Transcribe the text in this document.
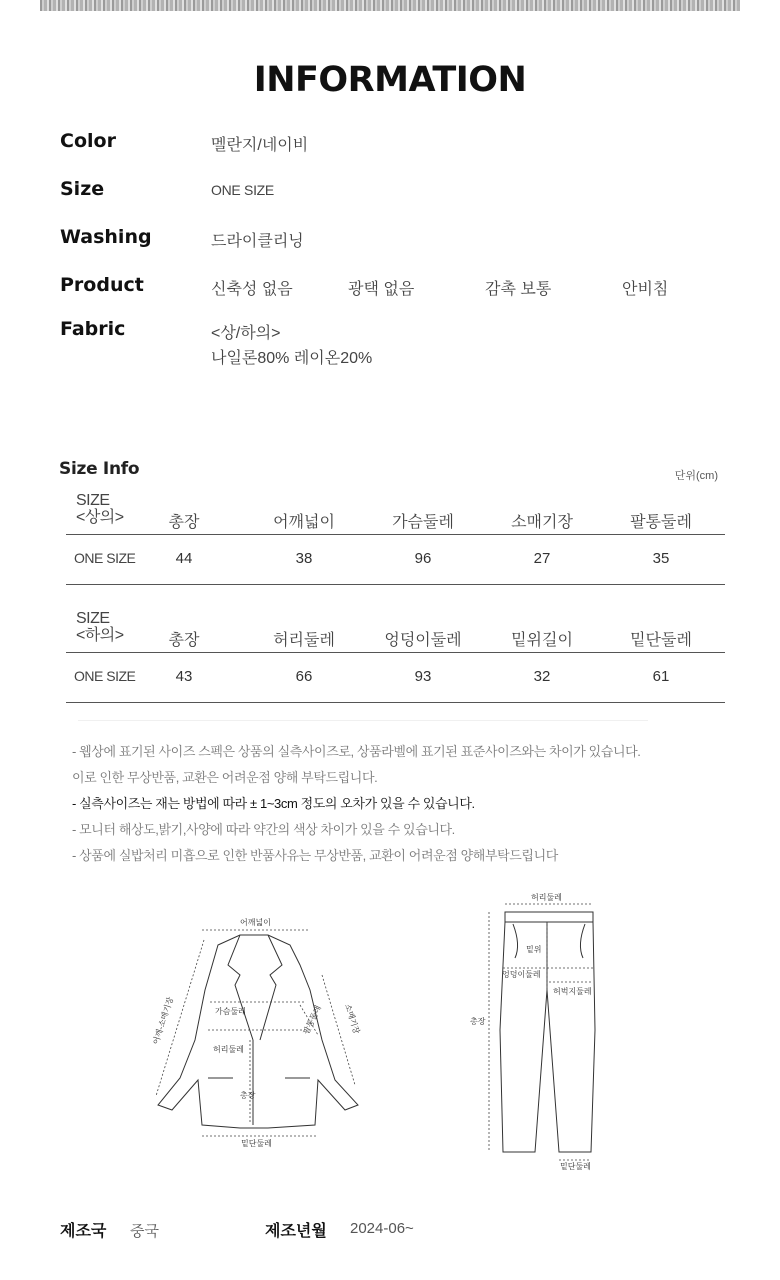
INFORMATION
Color	멜란지/네이비
Size	ONE SIZE
Washing	드라이클리닝
Product	신축성 없음	광택 없음	감촉 보통	안비침
Fabric	<상/하의>
나일론80% 레이온20%
Size Info	단위(cm)
SIZE
<상의>	총장	어깨넓이	가슴둘레	소매기장	팔통둘레
ONE SIZE	44	38	96	27	35
SIZE
<하의>	총장	허리둘레	엉덩이둘레	밑위길이	밑단둘레
ONE SIZE	43	66	93	32	61
- 웹상에 표기된 사이즈 스펙은 상품의 실측사이즈로, 상품라벨에 표기된 표준사이즈와는 차이가 있습니다.
이로 인한 무상반품, 교환은 어려운점 양해 부탁드립니다.
- 실측사이즈는 재는 방법에 따라 ± 1~3cm 정도의 오차가 있을 수 있습니다.
- 모니터 해상도,밝기,사양에 따라 약간의 색상 차이가 있을 수 있습니다.
- 상품에 실밥처리 미흡으로 인한 반품사유는 무상반품, 교환이 어려운점 양해부탁드립니다
어깨넓이
가슴둘레
허리둘레
총장
밑단둘레
어깨-소매기장	소매기장
팔통둘레
허리둘레
밑위
엉덩이둘레
허벅지둘레
총장
밑단둘레
제조국 중국	제조년월 2024-06~
